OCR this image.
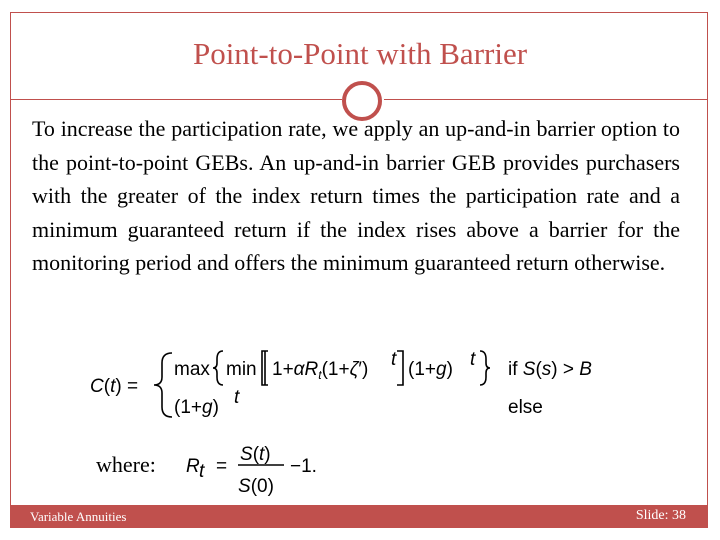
Point-to-Point with Barrier
To increase the participation rate, we apply an up-and-in barrier option to the point-to-point GEBs. An up-and-in barrier GEB provides purchasers with the greater of the index return times the participation rate and a minimum guaranteed return if the index rises above a barrier for the monitoring period and offers the minimum guaranteed return otherwise.
C(t) =
$\max \min 1+\alpha R_t(1+\zeta')$ t (1+g) t if S(s) > B
(1+g) t	else
where: R t =
S(t)
S(0)
−1.
Variable Annuities	Slide: 38
